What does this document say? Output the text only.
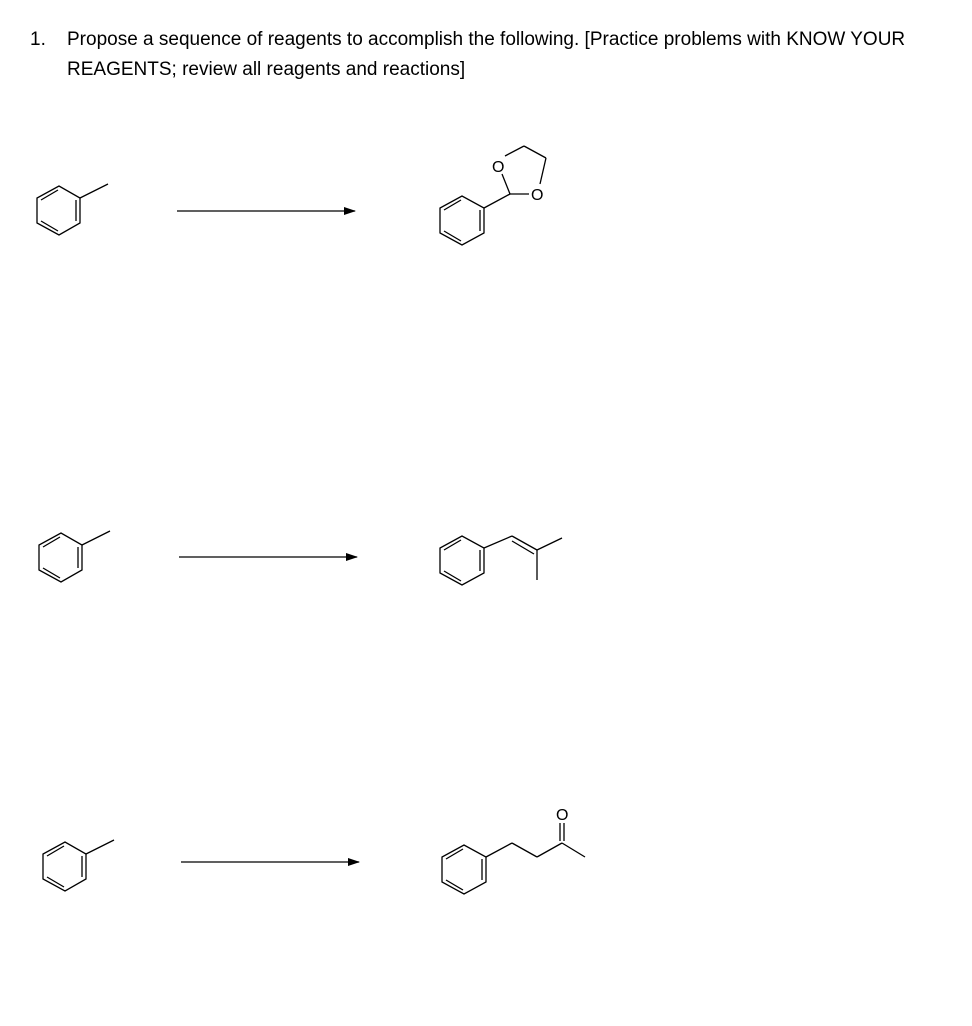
1. Propose a sequence of reagents to accomplish the following. [Practice problems with KNOW YOUR REAGENTS; review all reagents and reactions]
O
O
O
